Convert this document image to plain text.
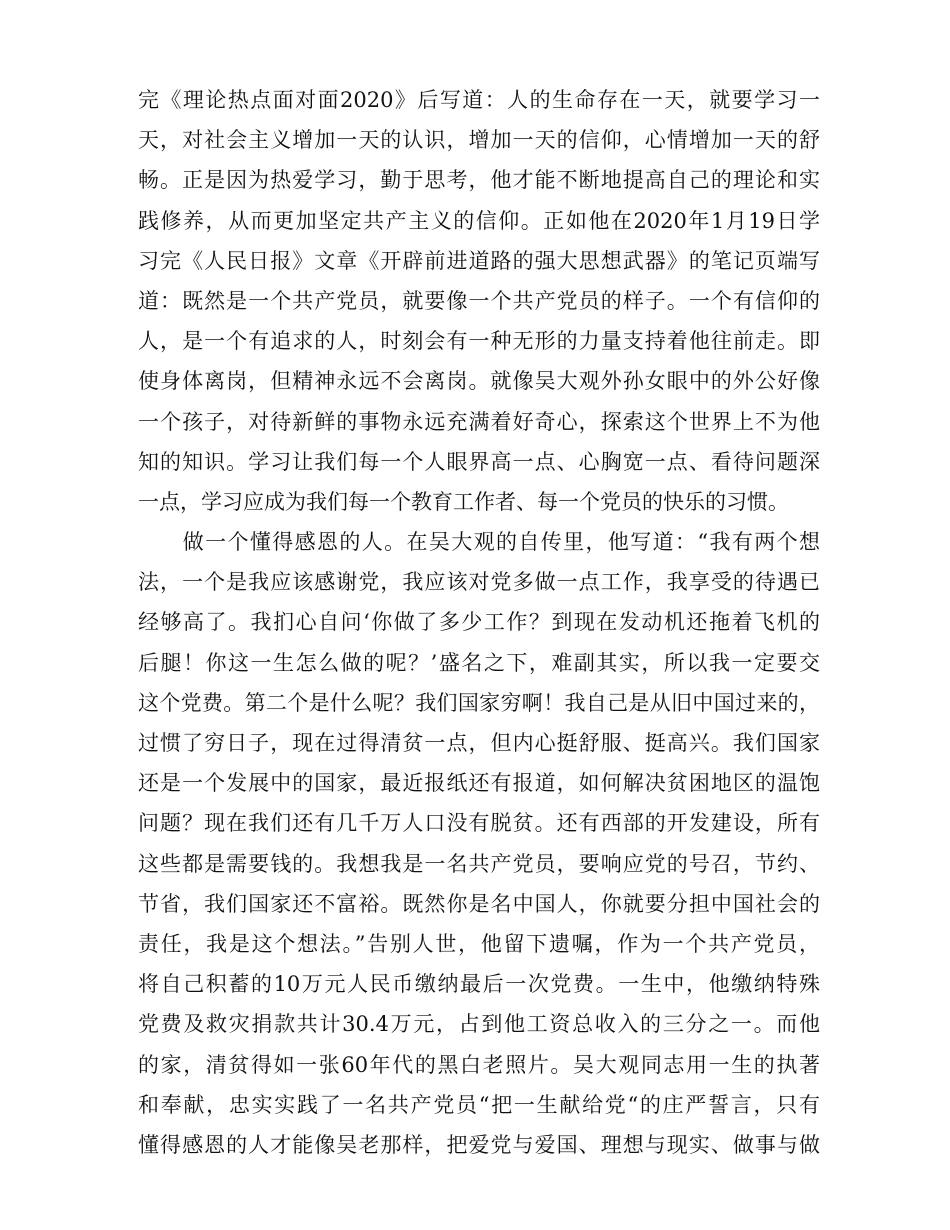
完《理论热点面对面2020》后写道：人的生命存在一天，就要学习一
天，对社会主义增加一天的认识，增加一天的信仰，心情增加一天的舒
畅。正是因为热爱学习，勤于思考，他才能不断地提高自己的理论和实
践修养，从而更加坚定共产主义的信仰。正如他在2020年1月19日学
习完《人民日报》文章《开辟前进道路的强大思想武器》的笔记页端写
道：既然是一个共产党员，就要像一个共产党员的样子。一个有信仰的
人，是一个有追求的人，时刻会有一种无形的力量支持着他往前走。即
使身体离岗，但精神永远不会离岗。就像吴大观外孙女眼中的外公好像
一个孩子，对待新鲜的事物永远充满着好奇心，探索这个世界上不为他
知的知识。学习让我们每一个人眼界高一点、心胸宽一点、看待问题深
一点，学习应成为我们每一个教育工作者、每一个党员的快乐的习惯。
　　做一个懂得感恩的人。在吴大观的自传里，他写道：“我有两个想
法，一个是我应该感谢党，我应该对党多做一点工作，我享受的待遇已
经够高了。我扪心自问‘你做了多少工作？到现在发动机还拖着飞机的
后腿！你这一生怎么做的呢？’盛名之下，难副其实，所以我一定要交
这个党费。第二个是什么呢？我们国家穷啊！我自己是从旧中国过来的，
过惯了穷日子，现在过得清贫一点，但内心挺舒服、挺高兴。我们国家
还是一个发展中的国家，最近报纸还有报道，如何解决贫困地区的温饱
问题？现在我们还有几千万人口没有脱贫。还有西部的开发建设，所有
这些都是需要钱的。我想我是一名共产党员，要响应党的号召，节约、
节省，我们国家还不富裕。既然你是名中国人，你就要分担中国社会的
责任，我是这个想法。”告别人世，他留下遗嘱，作为一个共产党员，
将自己积蓄的10万元人民币缴纳最后一次党费。一生中，他缴纳特殊
党费及救灾捐款共计30.4万元，占到他工资总收入的三分之一。而他
的家，清贫得如一张60年代的黑白老照片。吴大观同志用一生的执著
和奉献，忠实实践了一名共产党员“把一生献给党“的庄严誓言，只有
懂得感恩的人才能像吴老那样，把爱党与爱国、理想与现实、做事与做
